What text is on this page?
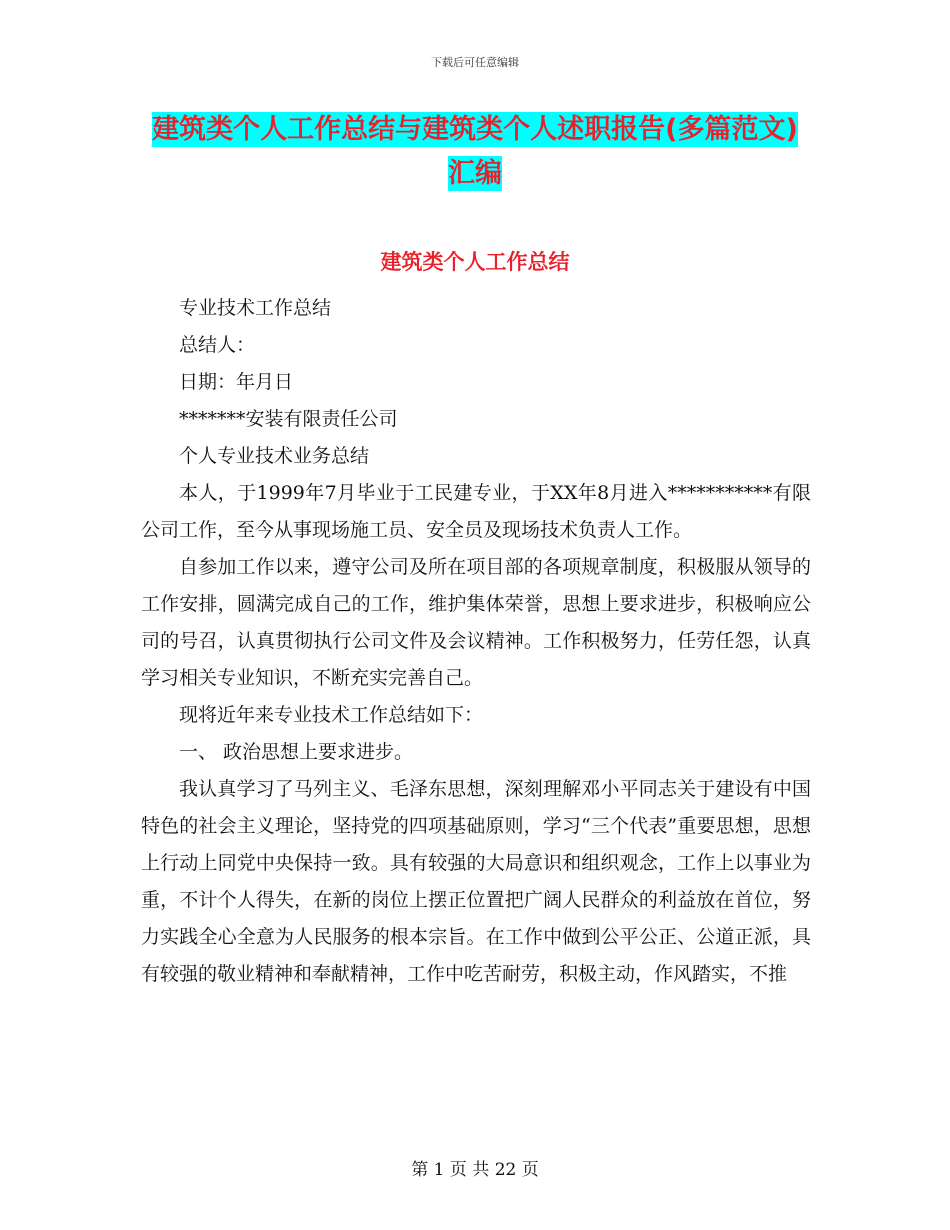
下载后可任意编辑
建筑类个人工作总结与建筑类个人述职报告(多篇范文)汇编
建筑类个人工作总结

专业技术工作总结

总结人：

日期：年月日

*******安装有限责任公司

个人专业技术业务总结

本人，于1999年7月毕业于工民建专业，于XX年8月进入***********有限公司工作，至今从事现场施工员、安全员及现场技术负责人工作。

自参加工作以来，遵守公司及所在项目部的各项规章制度，积极服从领导的工作安排，圆满完成自己的工作，维护集体荣誉，思想上要求进步，积极响应公司的号召，认真贯彻执行公司文件及会议精神。工作积极努力，任劳任怨，认真学习相关专业知识，不断充实完善自己。

现将近年来专业技术工作总结如下：

一、 政治思想上要求进步。

我认真学习了马列主义、毛泽东思想，深刻理解邓小平同志关于建设有中国特色的社会主义理论，坚持党的四项基础原则，学习“三个代表”重要思想，思想上行动上同党中央保持一致。具有较强的大局意识和组织观念，工作上以事业为重，不计个人得失，在新的岗位上摆正位置把广阔人民群众的利益放在首位，努力实践全心全意为人民服务的根本宗旨。在工作中做到公平公正、公道正派，具有较强的敬业精神和奉献精神，工作中吃苦耐劳，积极主动，作风踏实，不推

第 1 页 共 22 页
